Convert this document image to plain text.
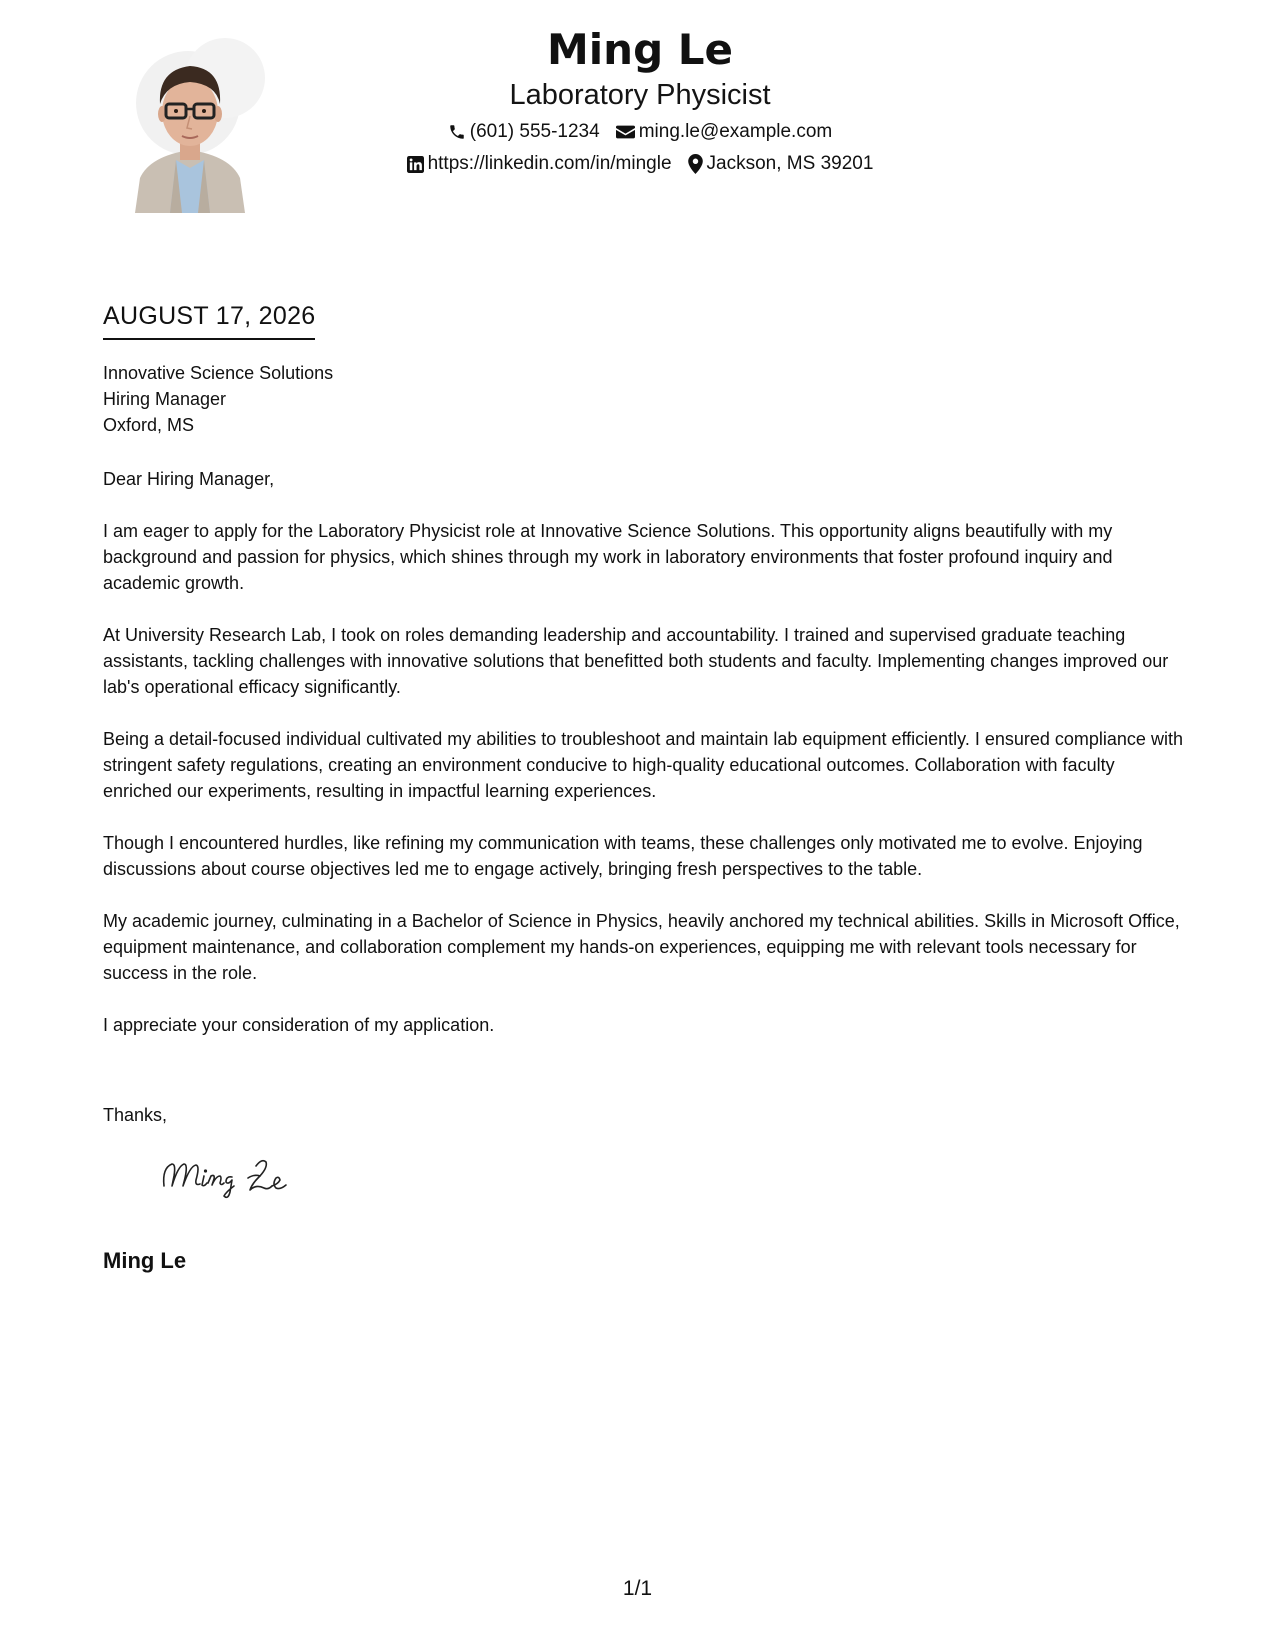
Ming Le
Laboratory Physicist
(601) 555-1234 ming.le@example.com
https://linkedin.com/in/mingle Jackson, MS 39201
AUGUST 17, 2026
Innovative Science Solutions
Hiring Manager
Oxford, MS

Dear Hiring Manager,

I am eager to apply for the Laboratory Physicist role at Innovative Science Solutions. This opportunity aligns beautifully with my background and passion for physics, which shines through my work in laboratory environments that foster profound inquiry and academic growth.

At University Research Lab, I took on roles demanding leadership and accountability. I trained and supervised graduate teaching assistants, tackling challenges with innovative solutions that benefitted both students and faculty. Implementing changes improved our lab's operational efficacy significantly.

Being a detail-focused individual cultivated my abilities to troubleshoot and maintain lab equipment efficiently. I ensured compliance with stringent safety regulations, creating an environment conducive to high-quality educational outcomes. Collaboration with faculty enriched our experiments, resulting in impactful learning experiences.

Though I encountered hurdles, like refining my communication with teams, these challenges only motivated me to evolve. Enjoying discussions about course objectives led me to engage actively, bringing fresh perspectives to the table.

My academic journey, culminating in a Bachelor of Science in Physics, heavily anchored my technical abilities. Skills in Microsoft Office, equipment maintenance, and collaboration complement my hands-on experiences, equipping me with relevant tools necessary for success in the role.

I appreciate your consideration of my application.

Thanks,
Ming Le
1/1
